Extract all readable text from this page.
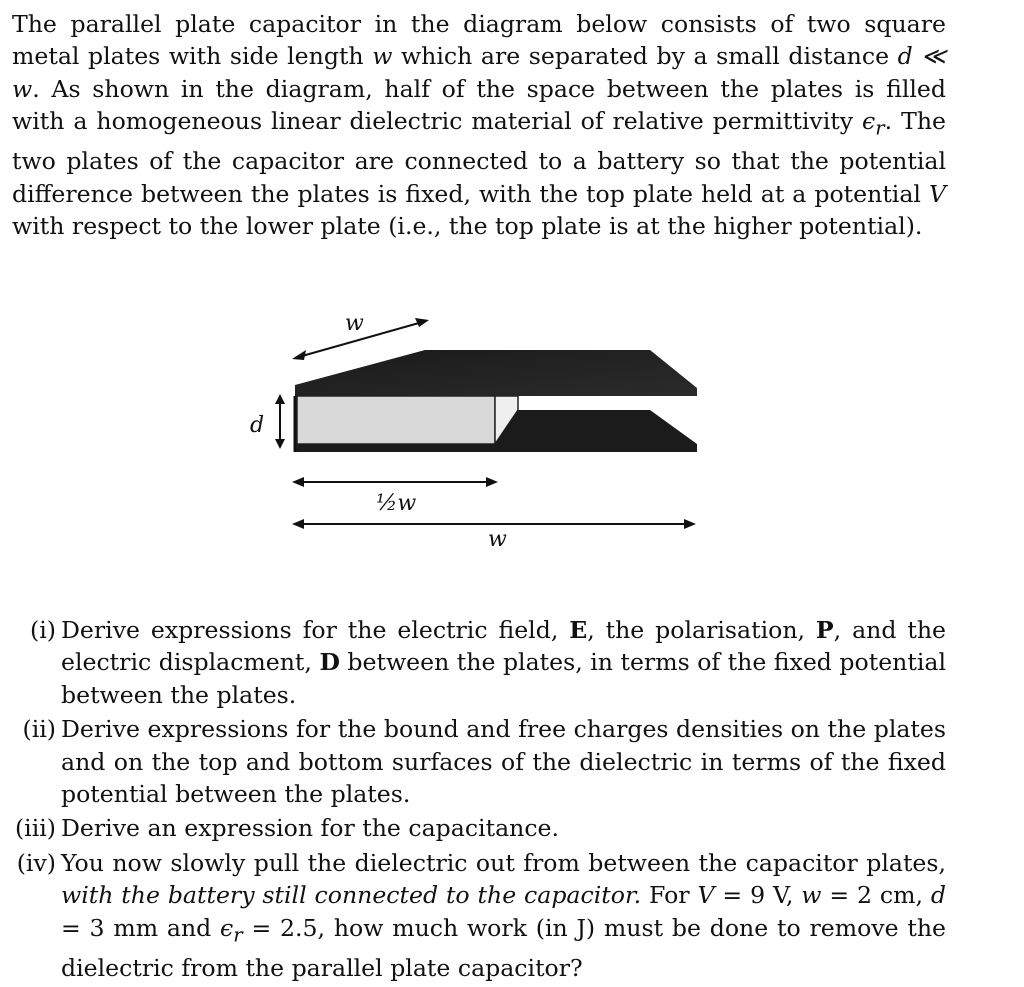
The parallel plate capacitor in the diagram below consists of two square metal plates with side length w which are separated by a small distance d ≪ w. As shown in the diagram, half of the space between the plates is filled with a homogeneous linear dielectric material of relative permittivity $\epsilon_r$. The two plates of the capacitor are connected to a battery so that the potential difference between the plates is fixed, with the top plate held at a potential V with respect to the lower plate (i.e., the top plate is at the higher potential).
w
d
½w
w
(i) Derive expressions for the electric field, E, the polarisation, P, and the electric displacment, D between the plates, in terms of the fixed potential between the plates.
(ii) Derive expressions for the bound and free charges densities on the plates and on the top and bottom surfaces of the dielectric in terms of the fixed potential between the plates.
(iii) Derive an expression for the capacitance.
(iv) You now slowly pull the dielectric out from between the capacitor plates, with the battery still connected to the capacitor. For V = 9 V, w = 2 cm, d = 3 mm and $\epsilon_r = 2.5$, how much work (in J) must be done to remove the dielectric from the parallel plate capacitor?
